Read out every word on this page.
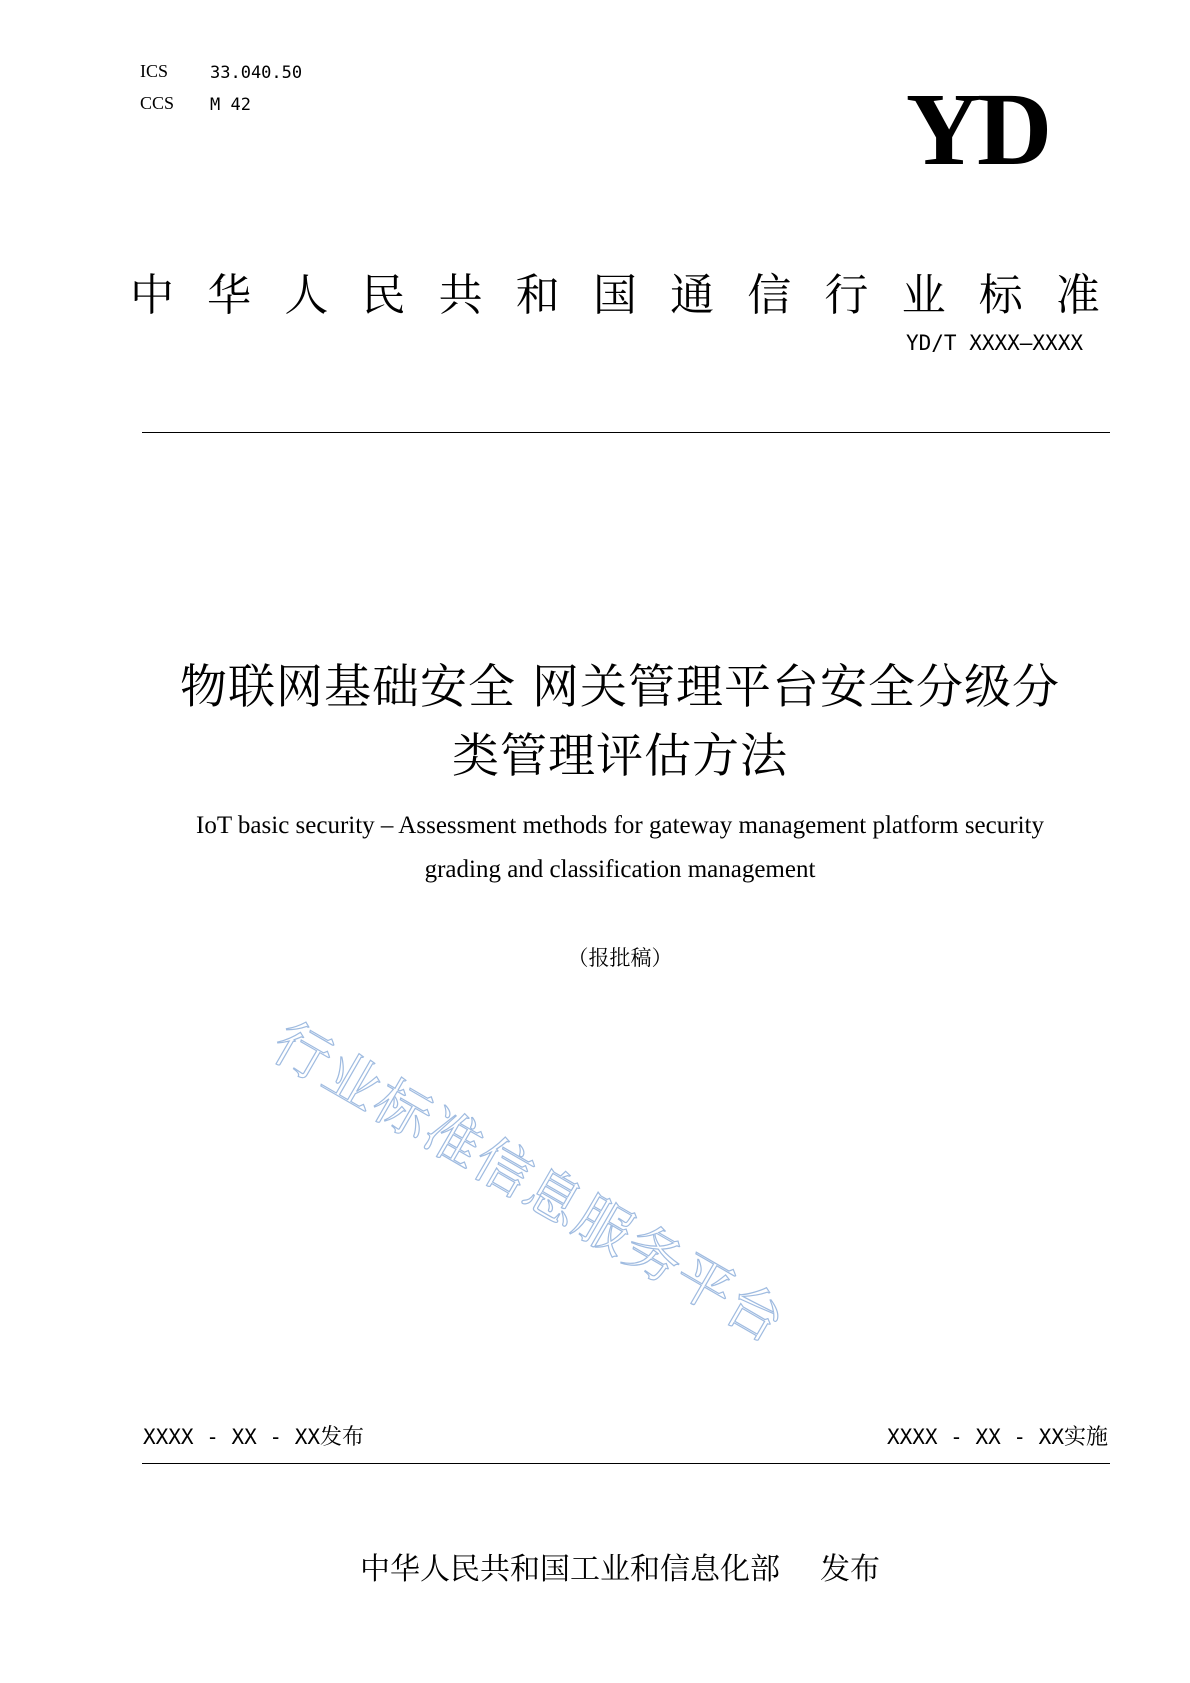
ICS 33.040.50
CCS M 42	YD
中 华 人 民 共 和 国 通 信 行 业 标 准
YD/T XXXX—XXXX
物联网基础安全 网关管理平台安全分级分
类管理评估方法
IoT basic security – Assessment methods for gateway management platform security
grading and classification management
（报批稿）
行业标准信息服务平台
XXXX - XX - XX发布	XXXX - XX - XX实施
中华人民共和国工业和信息化部 发布
